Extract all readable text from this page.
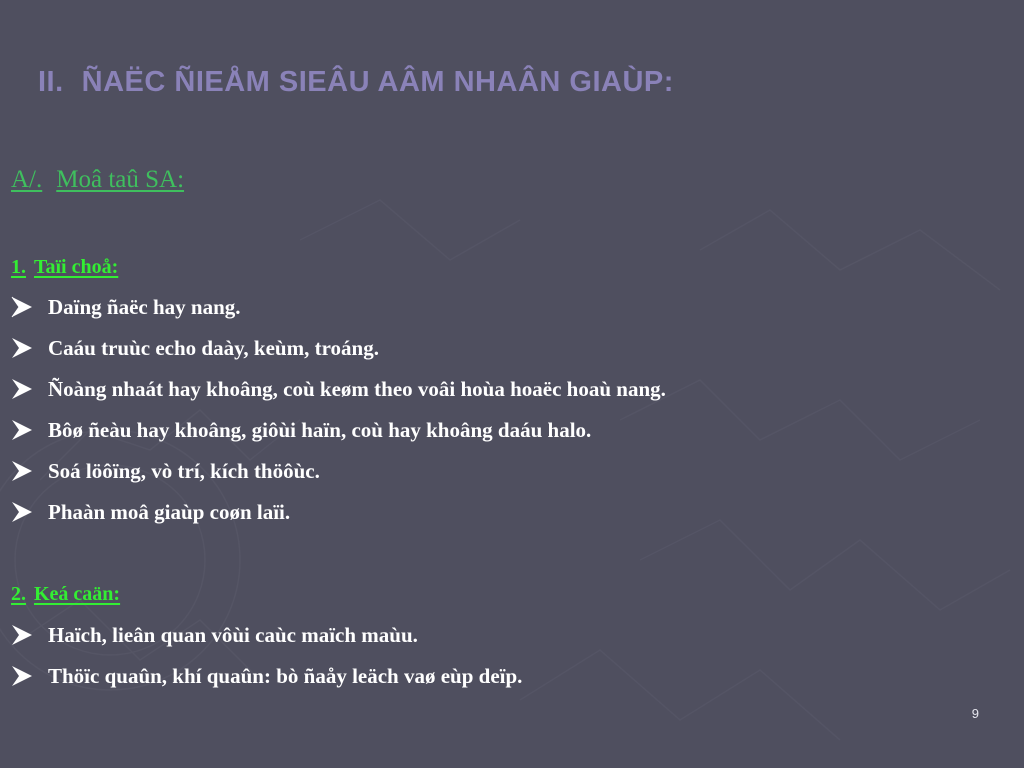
II. ÑAËC ÑIEÅM SIEÂU AÂM NHAÂN GIAÙP:
A/. Moâ taû SA:
1. Taïi choå:
Daïng ñaëc hay nang.
Caáu truùc echo daày, keùm, troáng.
Ñoàng nhaát hay khoâng, coù keøm theo voâi hoùa hoaëc hoaù nang.
Bôø ñeàu hay khoâng, giôùi haïn, coù hay khoâng daáu halo.
Soá löôïng, vò trí, kích thöôùc.
Phaàn moâ giaùp coøn laïi.
2. Keá caän:
Haïch, lieân quan vôùi caùc maïch maùu.
Thöïc quaûn, khí quaûn: bò ñaåy leäch vaø eùp deïp.
9
